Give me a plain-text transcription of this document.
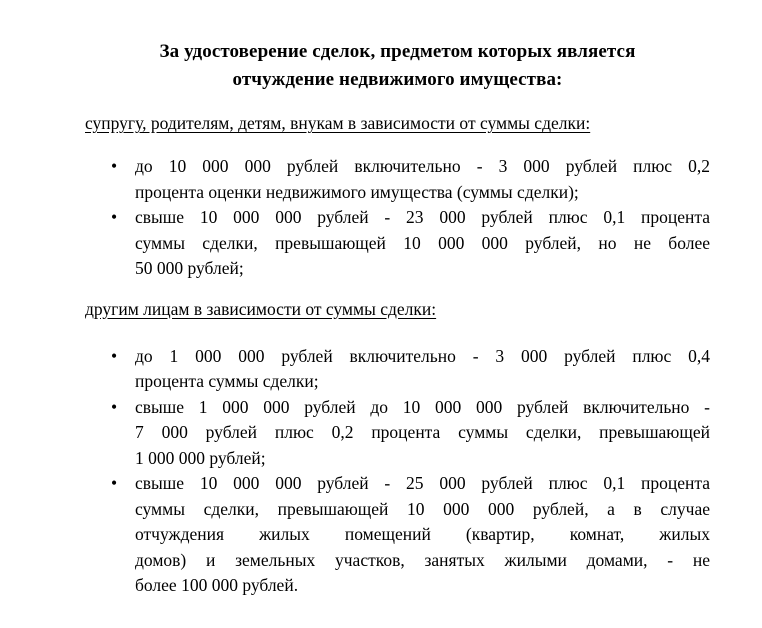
За удостоверение сделок, предметом которых является
отчуждение недвижимого имущества:
супругу, родителям, детям, внукам в зависимости от суммы сделки:
• до 10 000 000 рублей включительно - 3 000 рублей плюс 0,2
процента оценки недвижимого имущества (суммы сделки);
• свыше 10 000 000 рублей - 23 000 рублей плюс 0,1 процента
суммы сделки, превышающей 10 000 000 рублей, но не более
50 000 рублей;
другим лицам в зависимости от суммы сделки:
• до 1 000 000 рублей включительно - 3 000 рублей плюс 0,4
процента суммы сделки;
• свыше 1 000 000 рублей до 10 000 000 рублей включительно -
7 000 рублей плюс 0,2 процента суммы сделки, превышающей
1 000 000 рублей;
• свыше 10 000 000 рублей - 25 000 рублей плюс 0,1 процента
суммы сделки, превышающей 10 000 000 рублей, а в случае
отчуждения жилых помещений (квартир, комнат, жилых
домов) и земельных участков, занятых жилыми домами, - не
более 100 000 рублей.
